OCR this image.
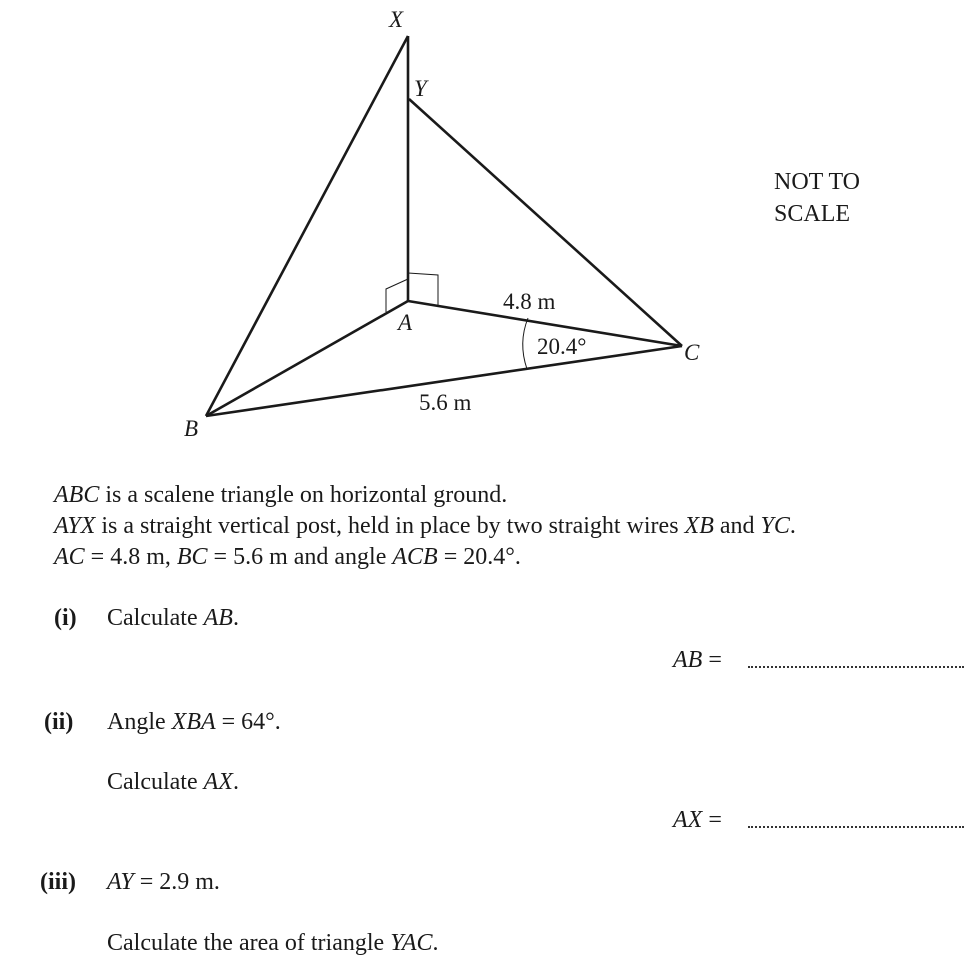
X
Y
A
B
C
4.8 m
20.4°
5.6 m
NOT TO
SCALE
ABC is a scalene triangle on horizontal ground.
AYX is a straight vertical post, held in place by two straight wires XB and YC.
AC = 4.8 m, BC = 5.6 m and angle ACB = 20.4°.
(i) Calculate AB.
AB =
(ii) Angle XBA = 64°.
Calculate AX.
AX =
(iii) AY = 2.9 m.
Calculate the area of triangle YAC.
